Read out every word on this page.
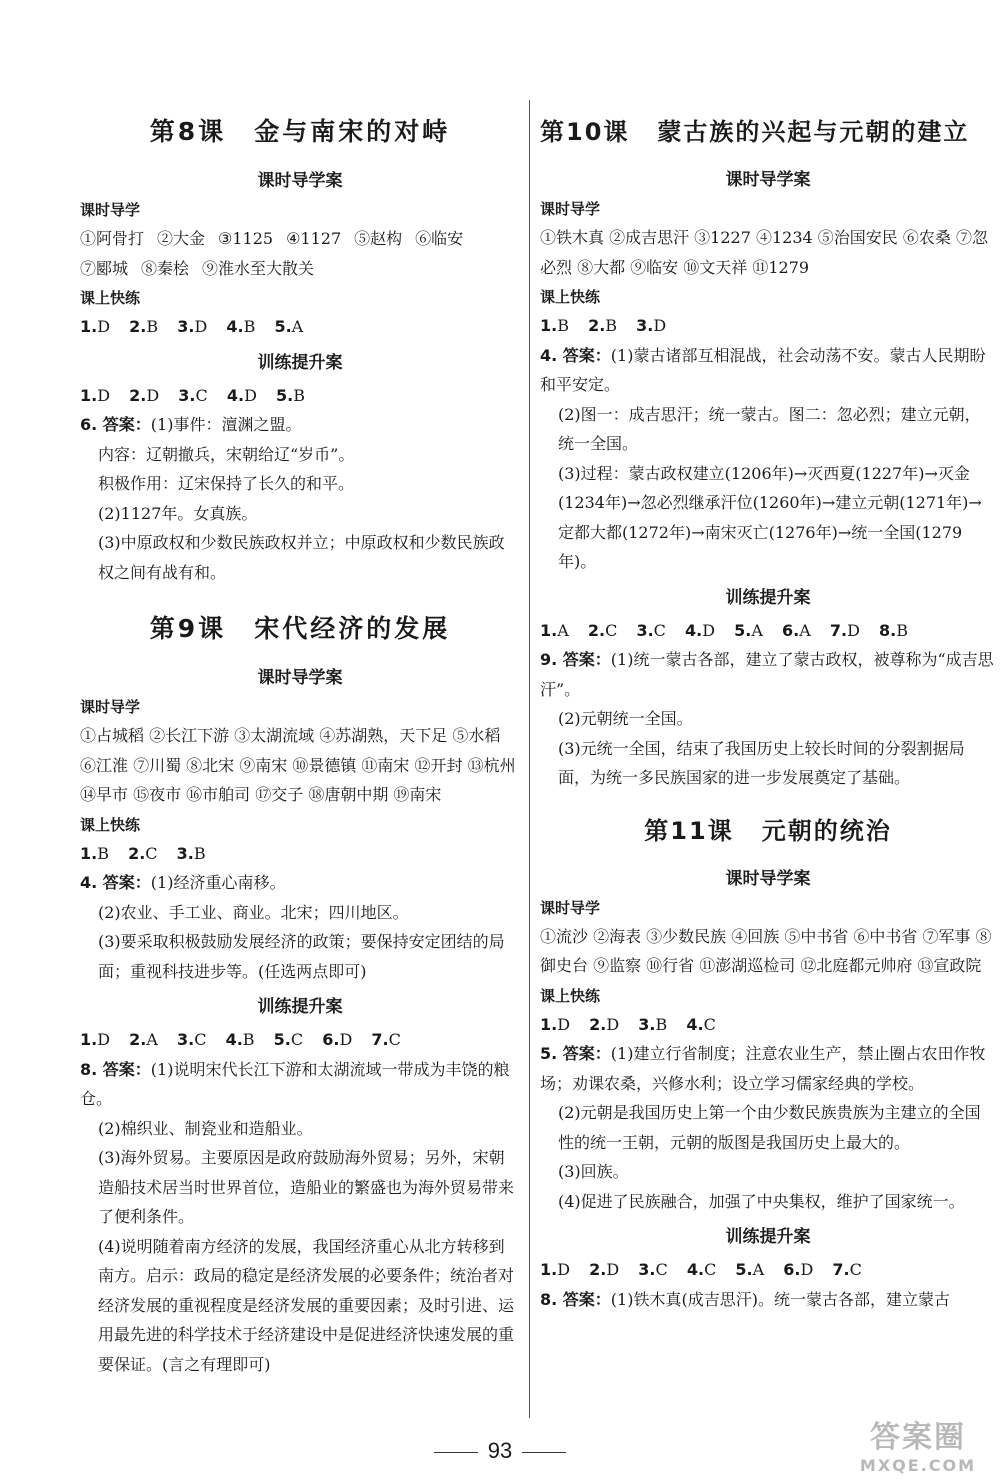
第8课 金与南宋的对峙
课时导学案
课时导学
①阿骨打 ②大金 ③1125 ④1127 ⑤赵构 ⑥临安
⑦郾城 ⑧秦桧 ⑨淮水至大散关
课上快练
1.D 2.B 3.D 4.B 5.A
训练提升案
1.D 2.D 3.C 4.D 5.B

6. 答案：(1)事件：澶渊之盟。

内容：辽朝撤兵，宋朝给辽“岁币”。

积极作用：辽宋保持了长久的和平。

(2)1127年。女真族。

(3)中原政权和少数民族政权并立；中原政权和少数民族政权之间有战有和。

第9课 宋代经济的发展
课时导学案
课时导学

①占城稻 ②长江下游 ③太湖流域 ④苏湖熟，天下足 ⑤水稻 ⑥江淮 ⑦川蜀 ⑧北宋 ⑨南宋 ⑩景德镇 ⑪南宋 ⑫开封 ⑬杭州 ⑭早市 ⑮夜市 ⑯市舶司 ⑰交子 ⑱唐朝中期 ⑲南宋

课上快练
1.B 2.C 3.B

4. 答案：(1)经济重心南移。

(2)农业、手工业、商业。北宋；四川地区。

(3)要采取积极鼓励发展经济的政策；要保持安定团结的局面；重视科技进步等。(任选两点即可)

训练提升案
1.D 2.A 3.C 4.B 5.C 6.D 7.C

8. 答案：(1)说明宋代长江下游和太湖流域一带成为丰饶的粮仓。

(2)棉织业、制瓷业和造船业。

(3)海外贸易。主要原因是政府鼓励海外贸易；另外，宋朝造船技术居当时世界首位，造船业的繁盛也为海外贸易带来了便利条件。

(4)说明随着南方经济的发展，我国经济重心从北方转移到南方。启示：政局的稳定是经济发展的必要条件；统治者对经济发展的重视程度是经济发展的重要因素；及时引进、运用最先进的科学技术于经济建设中是促进经济快速发展的重要保证。(言之有理即可)

第10课 蒙古族的兴起与元朝的建立
课时导学案
课时导学

①铁木真 ②成吉思汗 ③1227 ④1234 ⑤治国安民 ⑥农桑 ⑦忽必烈 ⑧大都 ⑨临安 ⑩文天祥 ⑪1279

课上快练
1.B 2.B 3.D

4. 答案：(1)蒙古诸部互相混战，社会动荡不安。蒙古人民期盼和平安定。

(2)图一：成吉思汗；统一蒙古。图二：忽必烈；建立元朝，统一全国。

(3)过程：蒙古政权建立(1206年)→灭西夏(1227年)→灭金(1234年)→忽必烈继承汗位(1260年)→建立元朝(1271年)→定都大都(1272年)→南宋灭亡(1276年)→统一全国(1279年)。

训练提升案
1.A 2.C 3.C 4.D 5.A 6.A 7.D 8.B

9. 答案：(1)统一蒙古各部，建立了蒙古政权，被尊称为“成吉思汗”。

(2)元朝统一全国。

(3)元统一全国，结束了我国历史上较长时间的分裂割据局面，为统一多民族国家的进一步发展奠定了基础。

第11课 元朝的统治
课时导学案
课时导学

①流沙 ②海表 ③少数民族 ④回族 ⑤中书省 ⑥中书省 ⑦军事 ⑧御史台 ⑨监察 ⑩行省 ⑪澎湖巡检司 ⑫北庭都元帅府 ⑬宣政院

课上快练
1.D 2.D 3.B 4.C

5. 答案：(1)建立行省制度；注意农业生产，禁止圈占农田作牧场；劝课农桑，兴修水利；设立学习儒家经典的学校。

(2)元朝是我国历史上第一个由少数民族贵族为主建立的全国性的统一王朝，元朝的版图是我国历史上最大的。

(3)回族。

(4)促进了民族融合，加强了中央集权，维护了国家统一。

训练提升案
1.D 2.D 3.C 4.C 5.A 6.D 7.C

8. 答案：(1)铁木真(成吉思汗)。统一蒙古各部，建立蒙古

93	答案圈
MXQE.COM
